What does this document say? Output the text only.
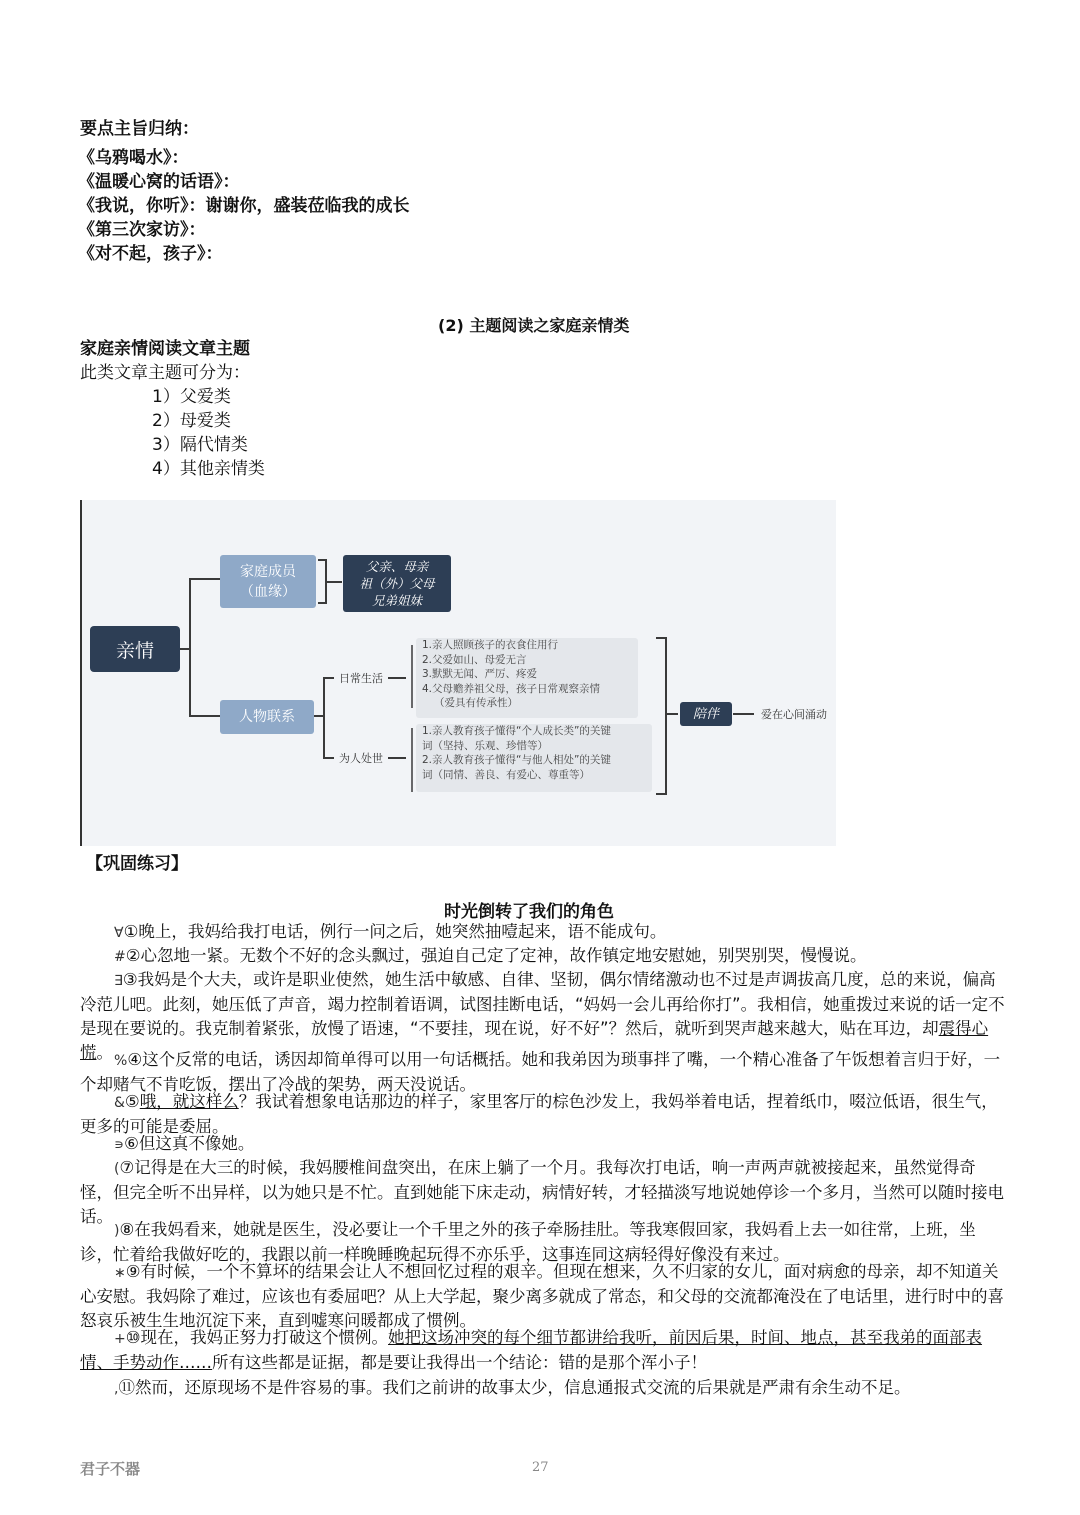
要点主旨归纳：
《乌鸦喝水》：
《温暖心窝的话语》：
《我说，你听》：谢谢你，盛装莅临我的成长
《第三次家访》：
《对不起，孩子》：
(2) 主题阅读之家庭亲情类
家庭亲情阅读文章主题
此类文章主题可分为：
1）父爱类
2）母爱类
3）隔代情类
4）其他亲情类
亲情
家庭成员
（血缘）
父亲、母亲
祖（外）父母
兄弟姐妹
人物联系
日常生活
为人处世
1.亲人照顾孩子的衣食住用行
2.父爱如山、母爱无言
3.默默无闻、严厉、疼爱
4.父母赡养祖父母，孩子日常观察亲情
（爱具有传承性）
1.亲人教育孩子懂得“个人成长类”的关键
词（坚持、乐观、珍惜等）
2.亲人教育孩子懂得“与他人相处”的关键
词（同情、善良、有爱心、尊重等）
陪伴	爱在心间涌动
【巩固练习】
时光倒转了我们的角色
∀①晚上，我妈给我打电话，例行一问之后，她突然抽噎起来，语不能成句。
#②心忽地一紧。无数个不好的念头飘过，强迫自己定了定神，故作镇定地安慰她，别哭别哭，慢慢说。
∃③我妈是个大夫，或许是职业使然，她生活中敏感、自律、坚韧，偶尔情绪激动也不过是声调拔高几度，总的来说，偏高冷范儿吧。此刻，她压低了声音，竭力控制着语调，试图挂断电话，“妈妈一会儿再给你打”。我相信，她重拨过来说的话一定不是现在要说的。我克制着紧张，放慢了语速，“不要挂，现在说，好不好”？然后，就听到哭声越来越大，贴在耳边，却震得心慌。 %④这个反常的电话，诱因却简单得可以用一句话概括。她和我弟因为琐事拌了嘴，一个精心准备了午饭想着言归于好，一个却赌气不肯吃饭，摆出了冷战的架势，两天没说话。
&⑤哦，就这样么？我试着想象电话那边的样子，家里客厅的棕色沙发上，我妈举着电话，捏着纸巾，啜泣低语，很生气，更多的可能是委屈。
∍⑥但这真不像她。
(⑦记得是在大三的时候，我妈腰椎间盘突出，在床上躺了一个月。我每次打电话，响一声两声就被接起来，虽然觉得奇怪，但完全听不出异样，以为她只是不忙。直到她能下床走动，病情好转，才轻描淡写地说她停诊一个多月，当然可以随时接电话。
)⑧在我妈看来，她就是医生，没必要让一个千里之外的孩子牵肠挂肚。等我寒假回家，我妈看上去一如往常，上班，坐诊，忙着给我做好吃的，我跟以前一样晚睡晚起玩得不亦乐乎，这事连同这病轻得好像没有来过。
∗⑨有时候，一个不算坏的结果会让人不想回忆过程的艰辛。但现在想来，久不归家的女儿，面对病愈的母亲，却不知道关心安慰。我妈除了难过，应该也有委屈吧？从上大学起，聚少离多就成了常态，和父母的交流都淹没在了电话里，进行时中的喜怒哀乐被生生地沉淀下来，直到嘘寒问暖都成了惯例。
+⑩现在，我妈正努力打破这个惯例。她把这场冲突的每个细节都讲给我听，前因后果，时间、地点，甚至我弟的面部表情、手势动作……所有这些都是证据，都是要让我得出一个结论：错的是那个浑小子！
,⑪然而，还原现场不是件容易的事。我们之前讲的故事太少，信息通报式交流的后果就是严肃有余生动不足。
君子不器	27
